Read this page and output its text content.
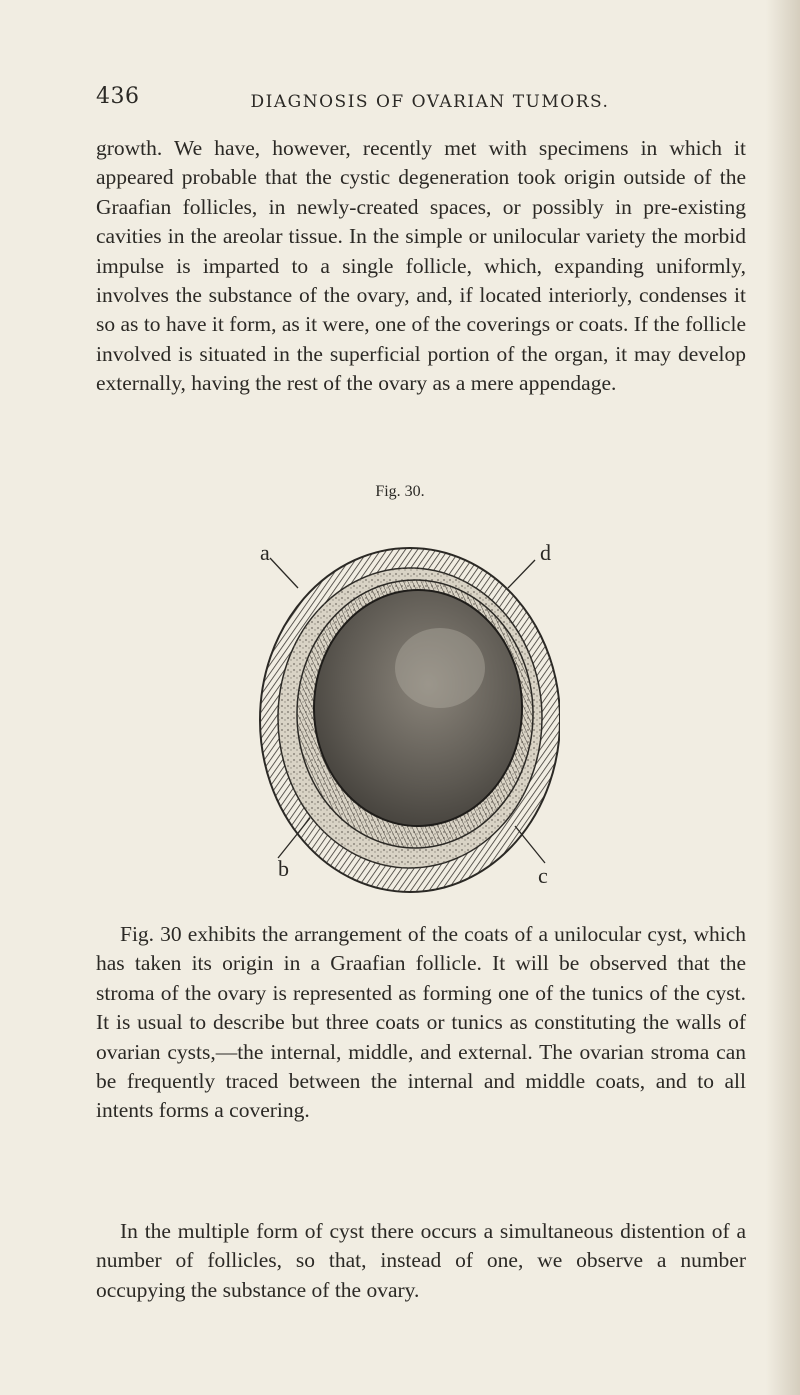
436	DIAGNOSIS OF OVARIAN TUMORS.

growth. We have, however, recently met with specimens in which it appeared probable that the cystic degeneration took origin outside of the Graafian follicles, in newly-created spaces, or possibly in pre-existing cavities in the areolar tissue. In the simple or unilocular variety the morbid impulse is imparted to a single follicle, which, expanding uniformly, involves the substance of the ovary, and, if located interiorly, condenses it so as to have it form, as it were, one of the coverings or coats. If the follicle involved is situated in the superficial portion of the organ, it may develop externally, having the rest of the ovary as a mere appendage.

Fig. 30.
a	d
b	c

Fig. 30 exhibits the arrangement of the coats of a unilocular cyst, which has taken its origin in a Graafian follicle. It will be observed that the stroma of the ovary is represented as forming one of the tunics of the cyst. It is usual to describe but three coats or tunics as constituting the walls of ovarian cysts,—the internal, middle, and external. The ovarian stroma can be frequently traced between the internal and middle coats, and to all intents forms a covering.

In the multiple form of cyst there occurs a simultaneous distention of a number of follicles, so that, instead of one, we observe a number occupying the substance of the ovary.
